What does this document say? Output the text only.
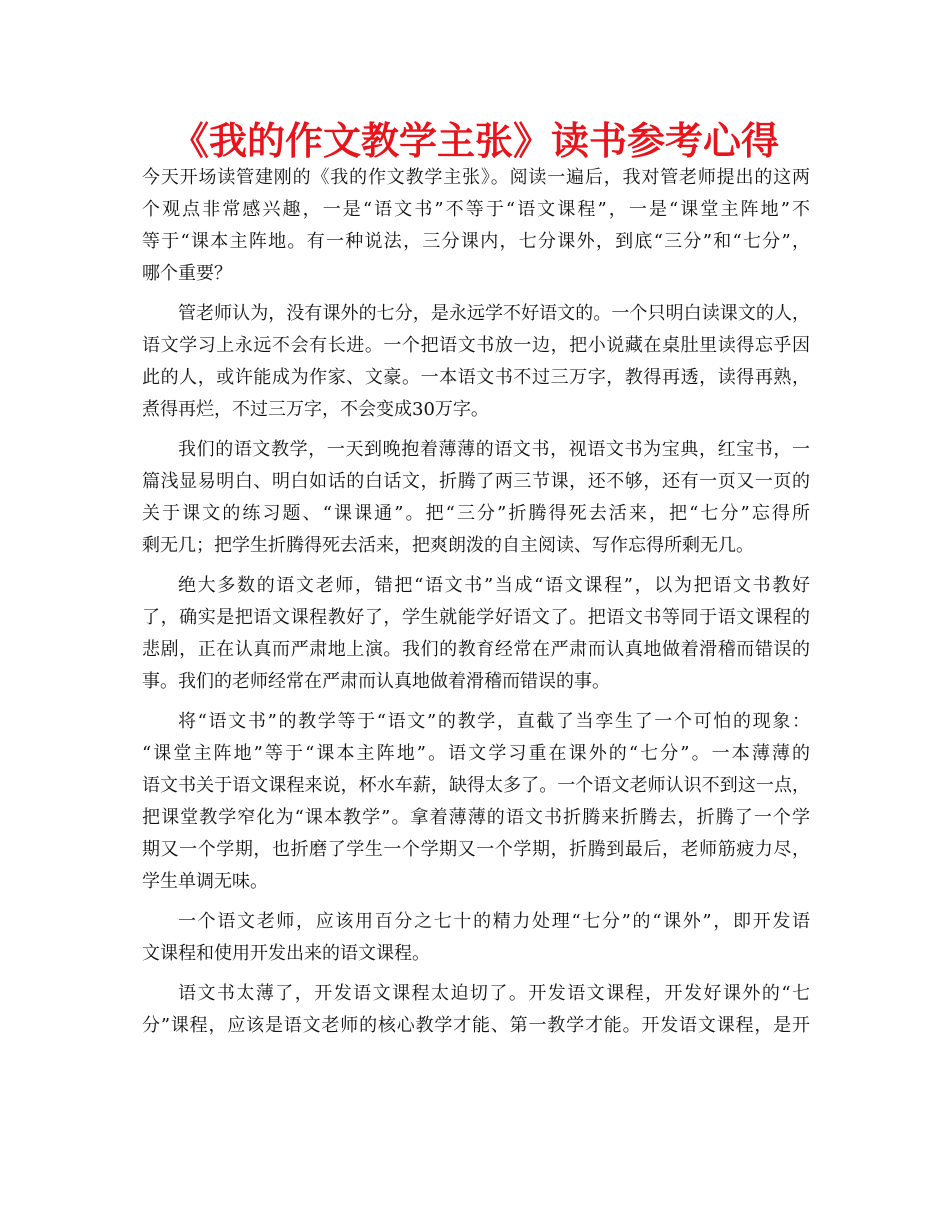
《我的作文教学主张》读书参考心得
今天开场读管建刚的《我的作文教学主张》。阅读一遍后，我对管老师提出的这两
个观点非常感兴趣，一是“语文书”不等于“语文课程”，一是“课堂主阵地”不
等于“课本主阵地。有一种说法，三分课内，七分课外，到底“三分”和“七分”，
哪个重要？
管老师认为，没有课外的七分，是永远学不好语文的。一个只明白读课文的人，
语文学习上永远不会有长进。一个把语文书放一边，把小说藏在桌肚里读得忘乎因
此的人，或许能成为作家、文豪。一本语文书不过三万字，教得再透，读得再熟，
煮得再烂，不过三万字，不会变成30万字。
我们的语文教学，一天到晚抱着薄薄的语文书，视语文书为宝典，红宝书，一
篇浅显易明白、明白如话的白话文，折腾了两三节课，还不够，还有一页又一页的
关于课文的练习题、“课课通”。把“三分”折腾得死去活来，把“七分”忘得所
剩无几；把学生折腾得死去活来，把爽朗泼的自主阅读、写作忘得所剩无几。
绝大多数的语文老师，错把“语文书”当成“语文课程”，以为把语文书教好
了，确实是把语文课程教好了，学生就能学好语文了。把语文书等同于语文课程的
悲剧，正在认真而严肃地上演。我们的教育经常在严肃而认真地做着滑稽而错误的
事。我们的老师经常在严肃而认真地做着滑稽而错误的事。
将“语文书”的教学等于“语文”的教学，直截了当孪生了一个可怕的现象：
“课堂主阵地”等于“课本主阵地”。语文学习重在课外的“七分”。一本薄薄的
语文书关于语文课程来说，杯水车薪，缺得太多了。一个语文老师认识不到这一点，
把课堂教学窄化为“课本教学”。拿着薄薄的语文书折腾来折腾去，折腾了一个学
期又一个学期，也折磨了学生一个学期又一个学期，折腾到最后，老师筋疲力尽，
学生单调无味。
一个语文老师，应该用百分之七十的精力处理“七分”的“课外”，即开发语
文课程和使用开发出来的语文课程。
语文书太薄了，开发语文课程太迫切了。开发语文课程，开发好课外的“七
分”课程，应该是语文老师的核心教学才能、第一教学才能。开发语文课程，是开
